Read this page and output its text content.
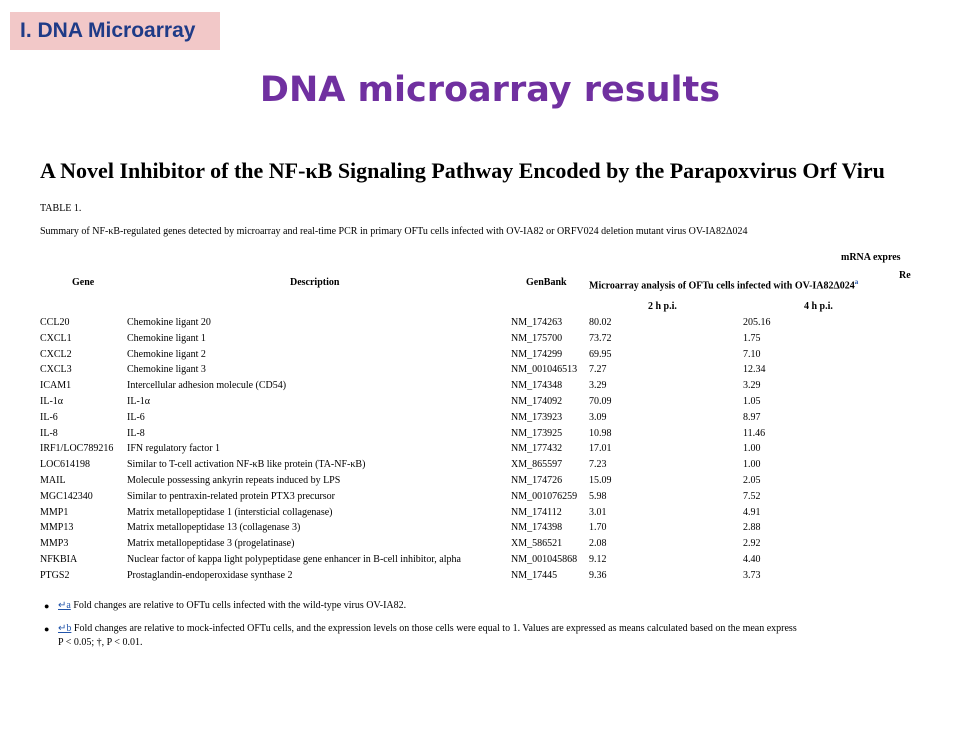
I. DNA Microarray
DNA microarray results
A Novel Inhibitor of the NF-κB Signaling Pathway Encoded by the Parapoxvirus Orf Viru
TABLE 1.
Summary of NF-κB-regulated genes detected by microarray and real-time PCR in primary OFTu cells infected with OV-IA82 or ORFV024 deletion mutant virus OV-IA82Δ024
mRNA expres
Gene	Description	GenBank Microarray analysis of OFTu cells infected with OV-IA82Δ024$^a$
Re
2 h p.i.	4 h p.i.
CCL20	Chemokine ligant 20	NM_174263	80.02	205.16
CXCL1	Chemokine ligant 1	NM_175700	73.72	1.75
CXCL2	Chemokine ligant 2	NM_174299	69.95	7.10
CXCL3	Chemokine ligant 3	NM_001046513 7.27	12.34
ICAM1	Intercellular adhesion molecule (CD54)	NM_174348	3.29	3.29
IL-1α	IL-1α	NM_174092	70.09	1.05
IL-6	IL-6	NM_173923	3.09	8.97
IL-8	IL-8	NM_173925	10.98	11.46
IRF1/LOC789216 IFN regulatory factor 1	NM_177432	17.01	1.00
LOC614198	Similar to T-cell activation NF-κB like protein (TA-NF-κB)	XM_865597	7.23	1.00
MAIL	Molecule possessing ankyrin repeats induced by LPS	NM_174726	15.09	2.05
MGC142340	Similar to pentraxin-related protein PTX3 precursor	NM_001076259 5.98	7.52
MMP1	Matrix metallopeptidase 1 (intersticial collagenase)	NM_174112	3.01	4.91
MMP13	Matrix metallopeptidase 13 (collagenase 3)	NM_174398	1.70	2.88
MMP3	Matrix metallopeptidase 3 (progelatinase)	XM_586521	2.08	2.92
NFKBIA	Nuclear factor of kappa light polypeptidase gene enhancer in B-cell inhibitor, alpha	NM_001045868 9.12	4.40
PTGS2	Prostaglandin-endoperoxidase synthase 2	NM_17445	9.36	3.73
● ↵a Fold changes are relative to OFTu cells infected with the wild-type virus OV-IA82.
● ↵b Fold changes are relative to mock-infected OFTu cells, and the expression levels on those cells were equal to 1. Values are expressed as means calculated based on the mean express
P < 0.05; †, P < 0.01.
